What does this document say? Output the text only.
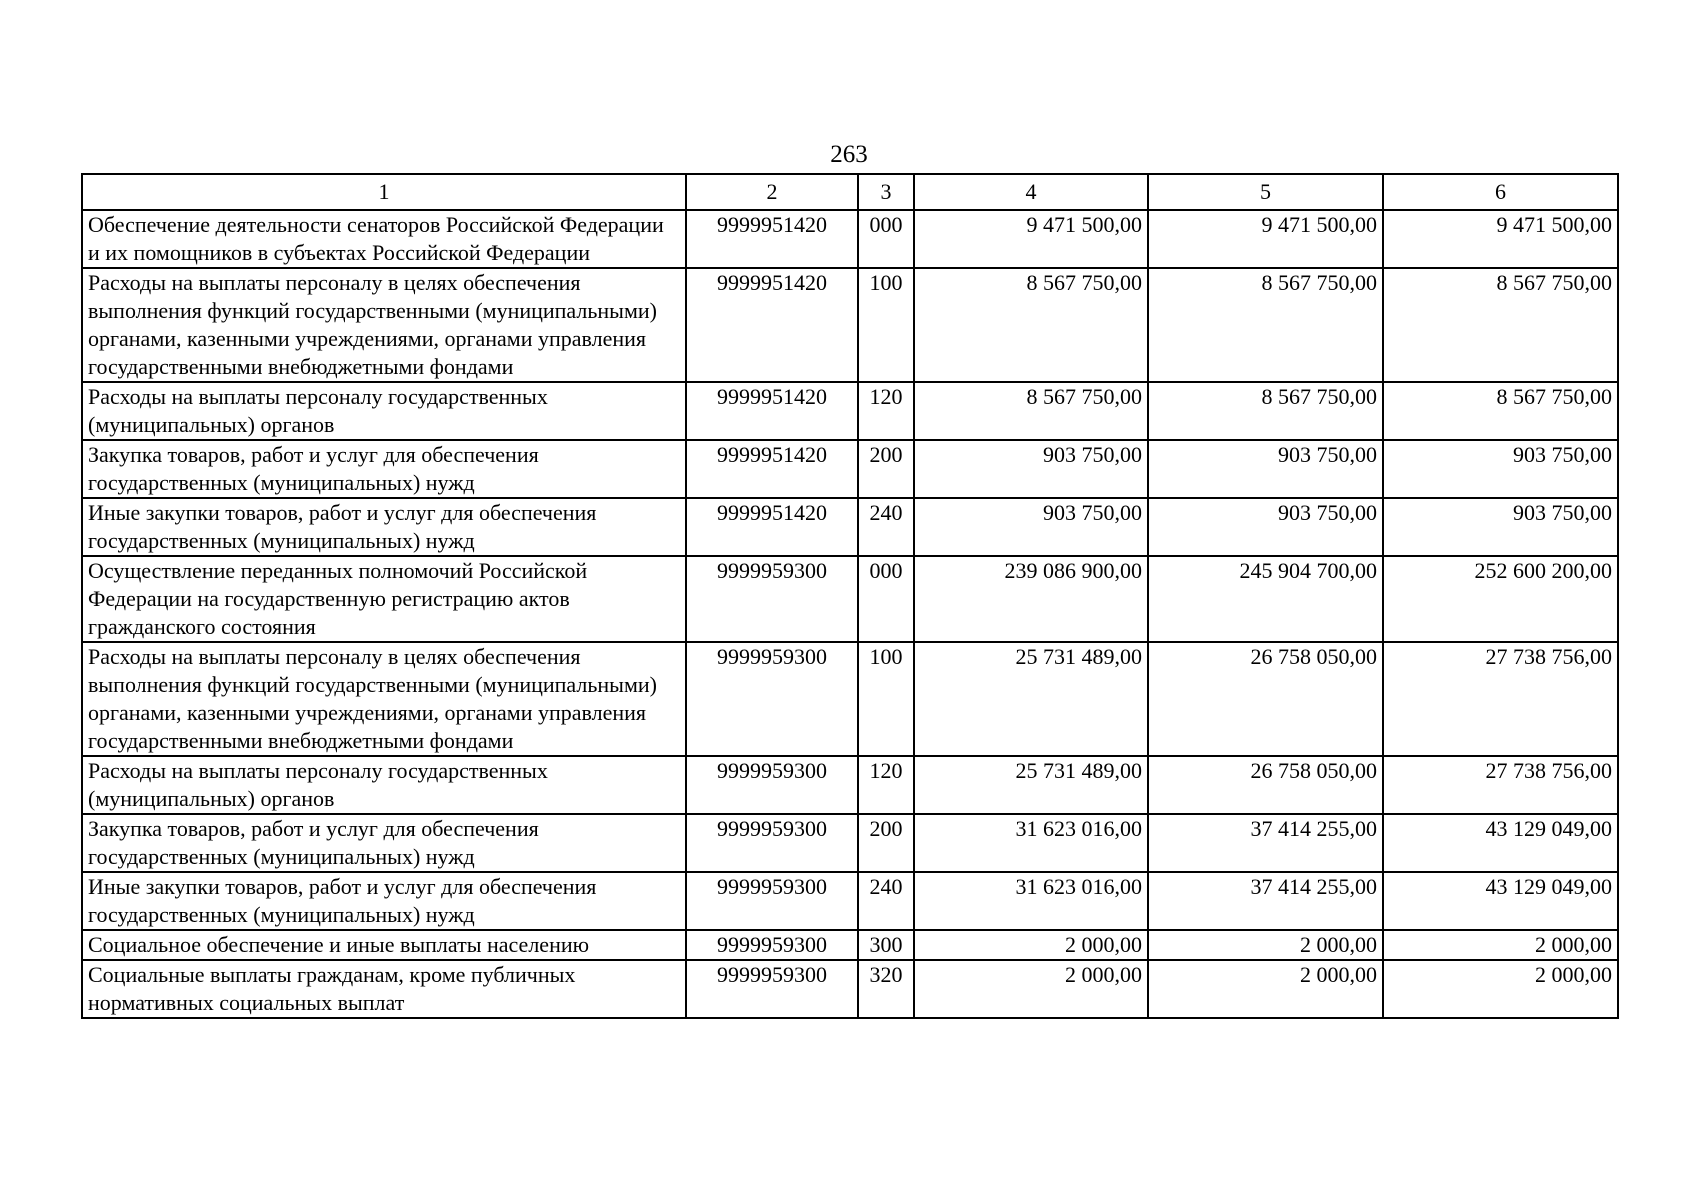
263
1	2	3	4	5	6
Обеспечение деятельности сенаторов Российской Федерации и их помощников в субъектах Российской Федерации	9999951420	000	9 471 500,00	9 471 500,00	9 471 500,00
Расходы на выплаты персоналу в целях обеспечения выполнения функций государственными (муниципальными) органами, казенными учреждениями, органами управления государственными внебюджетными фондами	9999951420	100	8 567 750,00	8 567 750,00	8 567 750,00
Расходы на выплаты персоналу государственных (муниципальных) органов	9999951420	120	8 567 750,00	8 567 750,00	8 567 750,00
Закупка товаров, работ и услуг для обеспечения государственных (муниципальных) нужд	9999951420	200	903 750,00	903 750,00	903 750,00
Иные закупки товаров, работ и услуг для обеспечения государственных (муниципальных) нужд	9999951420	240	903 750,00	903 750,00	903 750,00
Осуществление переданных полномочий Российской Федерации на государственную регистрацию актов гражданского состояния	9999959300	000	239 086 900,00	245 904 700,00	252 600 200,00
Расходы на выплаты персоналу в целях обеспечения выполнения функций государственными (муниципальными) органами, казенными учреждениями, органами управления государственными внебюджетными фондами	9999959300	100	25 731 489,00	26 758 050,00	27 738 756,00
Расходы на выплаты персоналу государственных (муниципальных) органов	9999959300	120	25 731 489,00	26 758 050,00	27 738 756,00
Закупка товаров, работ и услуг для обеспечения государственных (муниципальных) нужд	9999959300	200	31 623 016,00	37 414 255,00	43 129 049,00
Иные закупки товаров, работ и услуг для обеспечения государственных (муниципальных) нужд	9999959300	240	31 623 016,00	37 414 255,00	43 129 049,00
Социальное обеспечение и иные выплаты населению	9999959300	300	2 000,00	2 000,00	2 000,00
Социальные выплаты гражданам, кроме публичных нормативных социальных выплат	9999959300	320	2 000,00	2 000,00	2 000,00
